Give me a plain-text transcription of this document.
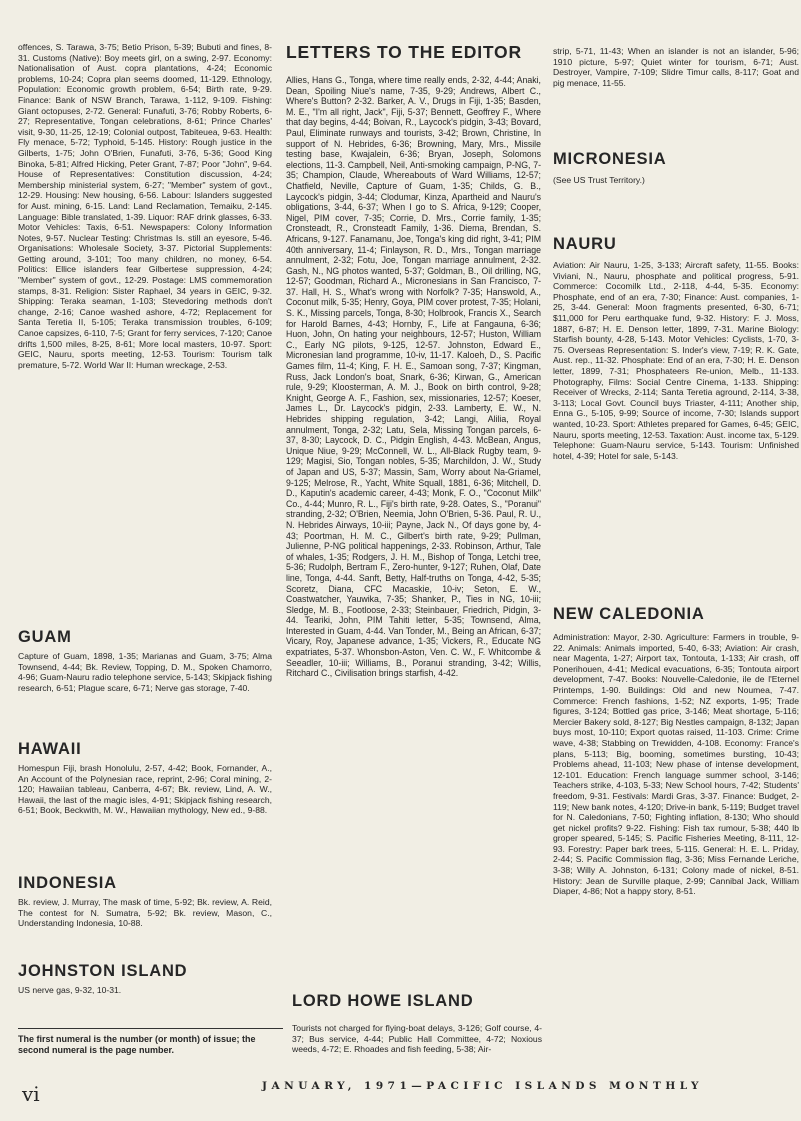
offences, S. Tarawa, 3-75; Betio Prison, 5-39; Bubuti and fines, 8-31. Customs (Native): Boy meets girl, on a swing, 2-97. Economy: Nationalisation of Aust. copra plantations, 4-24; Economic problems, 10-24; Copra plan seems doomed, 11-129. Ethnology, Population: Economic growth problem, 6-54; Birth rate, 9-29. Finance: Bank of NSW Branch, Tarawa, 1-112, 9-109. Fishing: Giant octopuses, 2-72. General: Funafuti, 3-76; Robby Roberts, 6-27; Representative, Tongan celebrations, 8-61; Prince Charles' visit, 9-30, 11-25, 12-19; Colonial outpost, Tabiteuea, 9-63. Health: Fly menace, 5-72; Typhoid, 5-145. History: Rough justice in the Gilberts, 1-75; John O'Brien, Funafuti, 3-76, 5-36; Good King Binoka, 5-81; Alfred Hicking, Peter Grant, 7-87; Poor "John", 9-64. House of Representatives: Constitution discussion, 4-24; Membership ministerial system, 6-27; "Member" system of govt., 12-29. Housing: New housing, 6-56. Labour: Islanders suggested for Aust. mining, 6-15. Land: Land Reclamation, Temaiku, 2-145. Language: Bible translated, 1-39. Liquor: RAF drink glasses, 6-33. Motor Vehicles: Taxis, 6-51. Newspapers: Colony Information Notes, 9-57. Nuclear Testing: Christmas Is. still an eyesore, 5-46. Organisations: Wholesale Society, 3-37. Pictorial Supplements: Getting around, 3-101; Too many children, no money, 6-54. Politics: Ellice islanders fear Gilbertese suppression, 4-24; "Member" system of govt., 12-29. Postage: LMS commemoration stamps, 8-31. Religion: Sister Raphael, 34 years in GEIC, 9-32. Shipping: Teraka seaman, 1-103; Stevedoring methods don't change, 2-16; Canoe washed ashore, 4-72; Replacement for Santa Teretia II, 5-105; Teraka transmission troubles, 6-109; Canoe capsizes, 6-110, 7-5; Grant for ferry services, 7-120; Canoe drifts 1,500 miles, 8-25, 8-61; More local masters, 10-97. Sport: GEIC, Nauru, sports meeting, 12-53. Tourism: Tourism talk premature, 5-72. World War II: Human wreckage, 2-53.

GUAM

Capture of Guam, 1898, 1-35; Marianas and Guam, 3-75; Alma Townsend, 4-44; Bk. Review, Topping, D. M., Spoken Chamorro, 4-96; Guam-Nauru radio telephone service, 5-143; Skipjack fishing research, 6-51; Plague scare, 6-71; Nerve gas storage, 7-40.

HAWAII

Homespun Fiji, brash Honolulu, 2-57, 4-42; Book, Fornander, A., An Account of the Polynesian race, reprint, 2-96; Coral mining, 2-120; Hawaiian tableau, Canberra, 4-67; Bk. review, Lind, A. W., Hawaii, the last of the magic isles, 4-91; Skipjack fishing research, 6-51; Book, Beckwith, M. W., Hawaiian mythology, New ed., 9-88.

INDONESIA

Bk. review, J. Murray, The mask of time, 5-92; Bk. review, A. Reid, The contest for N. Sumatra, 5-92; Bk. review, Mason, C., Understanding Indonesia, 10-88.

JOHNSTON ISLAND

US nerve gas, 9-32, 10-31.

The first numeral is the number (or month) of issue; the second numeral is the page number.
LETTERS TO THE EDITOR

Allies, Hans G., Tonga, where time really ends, 2-32, 4-44; Anaki, Dean, Spoiling Niue's name, 7-35, 9-29; Andrews, Albert C., Where's Button? 2-32. Barker, A. V., Drugs in Fiji, 1-35; Basden, M. E., "I'm all right, Jack", Fiji, 5-37; Bennett, Geoffrey F., Where that day begins, 4-44; Boivan, R., Laycock's pidgin, 3-43; Bovard, Paul, Eliminate runways and tourists, 3-42; Brown, Christine, In support of N. Hebrides, 6-36; Browning, Mary, Mrs., Missile testing base, Kwajalein, 6-36; Bryan, Joseph, Solomons elections, 11-3. Campbell, Neil, Anti-smoking campaign, P-NG, 7-35; Champion, Claude, Whereabouts of Ward Williams, 12-57; Chatfield, Neville, Capture of Guam, 1-35; Childs, G. B., Laycock's pidgin, 3-44; Clodumar, Kinza, Apartheid and Nauru's obligations, 3-44, 6-37; When I go to S. Africa, 9-129; Cooper, Nigel, PIM cover, 7-35; Corrie, D. Mrs., Corrie family, 1-35; Cronsteadt, R., Cronsteadt Family, 1-36. Diema, Brendan, S. Africans, 9-127. Fanamanu, Joe, Tonga's king did right, 3-41; PIM 40th anniversary, 11-4; Finlayson, R. D., Mrs., Tongan marriage annulment, 2-32; Fotu, Joe, Tongan marriage annulment, 2-32. Gash, N., NG photos wanted, 5-37; Goldman, B., Oil drilling, NG, 12-57; Goodman, Richard A., Micronesians in San Francisco, 7-37. Hall, H. S., What's wrong with Norfolk? 7-35; Hanswold, A., Coconut milk, 5-35; Henry, Goya, PIM cover protest, 7-35; Holani, S. K., Missing parcels, Tonga, 8-30; Holbrook, Francis X., Search for Harold Barnes, 4-43; Hornby, F., Life at Fangauna, 6-36; Huon, John, On hating your neighbours, 12-57; Huston, William C., Early NG pilots, 9-125, 12-57. Johnston, Edward E., Micronesian land programme, 10-iv, 11-17. Kaloeh, D., S. Pacific Games film, 11-4; King, F. H. E., Samoan song, 7-37; Kingman, Russ, Jack London's boat, Snark, 6-36; Kirwan, G., American rule, 9-29; Kloosterman, A. M. J., Book on birth control, 9-28; Knight, George A. F., Fashion, sex, missionaries, 12-57; Koeser, James L., Dr. Laycock's pidgin, 2-33. Lamberty, E. W., N. Hebrides shipping regulation, 3-42; Langi, Alilia, Royal annulment, Tonga, 2-32; Latu, Sela, Missing Tongan parcels, 6-37, 8-30; Laycock, D. C., Pidgin English, 4-43. McBean, Angus, Unique Niue, 9-29; McConnell, W. L., All-Black Rugby team, 9-129; Magisi, Sio, Tongan nobles, 5-35; Marchildon, J. W., Study of Japan and US, 5-37; Massin, Sam, Worry about Na-Griamel, 9-125; Melrose, R., Yacht, White Squall, 1881, 6-36; Mitchell, D. D., Kaputin's academic career, 4-43; Monk, F. O., "Coconut Milk" Co., 4-44; Munro, R. L., Fiji's birth rate, 9-28. Oates, S., "Poranui" stranding, 2-32; O'Brien, Neemia, John O'Brien, 5-36. Paul, R. U., N. Hebrides Airways, 10-iii; Payne, Jack N., Of days gone by, 4-43; Poortman, H. M. C., Gilbert's birth rate, 9-29; Pullman, Julienne, P-NG political happenings, 2-33. Robinson, Arthur, Tale of whales, 1-35; Rodgers, J. H. M., Bishop of Tonga, Letchi tree, 5-36; Rudolph, Bertram F., Zero-hunter, 9-127; Ruhen, Olaf, Date line, Tonga, 4-44. Sanft, Betty, Half-truths on Tonga, 4-42, 5-35; Scoretz, Diana, CFC Macaskie, 10-iv; Seton, E. W., Coastwatcher, Yauwika, 7-35; Shanker, P., Ties in NG, 10-iii; Sledge, M. B., Footloose, 2-33; Steinbauer, Friedrich, Pidgin, 3-44. Teariki, John, PIM Tahiti letter, 5-35; Townsend, Alma, Interested in Guam, 4-44. Van Tonder, M., Being an African, 6-37; Vicary, Roy, Japanese advance, 1-35; Vickers, R., Educate NG expatriates, 5-37. Whonsbon-Aston, Ven. C. W., F. Whitcombe & Seeadler, 10-iii; Williams, B., Poranui stranding, 3-42; Willis, Ritchard C., Civilisation brings starfish, 4-42.

LORD HOWE ISLAND

Tourists not charged for flying-boat delays, 3-126; Golf course, 4-37; Bus service, 4-44; Public Hall Committee, 4-72; Noxious weeds, 4-72; E. Rhoades and fish feeding, 5-38; Air-

strip, 5-71, 11-43; When an islander is not an islander, 5-96; 1910 picture, 5-97; Quiet winter for tourism, 6-71; Aust. Destroyer, Vampire, 7-109; Slidre Timur calls, 8-117; Goat and pig menace, 11-55.

MICRONESIA

(See US Trust Territory.)

NAURU

Aviation: Air Nauru, 1-25, 3-133; Aircraft safety, 11-55. Books: Viviani, N., Nauru, phosphate and political progress, 5-91. Commerce: Cocomilk Ltd., 2-118, 4-44, 5-35. Economy: Phosphate, end of an era, 7-30; Finance: Aust. companies, 1-25, 3-44. General: Moon fragments presented, 6-30, 6-71; $11,000 for Peru earthquake fund, 9-32. History: F. J. Moss, 1887, 6-87; H. E. Denson letter, 1899, 7-31. Marine Biology: Starfish bounty, 4-28, 5-143. Motor Vehicles: Cyclists, 1-70, 3-75. Overseas Representation: S. Inder's view, 7-19; R. K. Gate, Aust. rep., 11-32. Phosphate: End of an era, 7-30; H. E. Denson letter, 1899, 7-31; Phosphateers Re-union, Melb., 11-133. Photography, Films: Social Centre Cinema, 1-133. Shipping: Receiver of Wrecks, 2-114; Santa Teretia aground, 2-114, 3-38, 3-113; Local Govt. Council buys Triaster, 4-111; Another ship, Enna G., 5-105, 9-99; Source of income, 7-30; Islands support wanted, 10-23. Sport: Athletes prepared for Games, 6-45; GEIC, Nauru, sports meeting, 12-53. Taxation: Aust. income tax, 5-129. Telephone: Guam-Nauru service, 5-143. Tourism: Unfinished hotel, 4-39; Hotel for sale, 5-143.

NEW CALEDONIA

Administration: Mayor, 2-30. Agriculture: Farmers in trouble, 9-22. Animals: Animals imported, 5-40, 6-33; Aviation: Air crash, near Magenta, 1-27; Airport tax, Tontouta, 1-133; Air crash, off Ponerihouen, 4-41; Medical evacuations, 6-35; Tontouta airport development, 7-47. Books: Nouvelle-Caledonie, ile de l'Eternel Printemps, 1-90. Buildings: Old and new Noumea, 7-47. Commerce: French fashions, 1-52; NZ exports, 1-95; Trade figures, 3-124; Bottled gas price, 3-146; Meat shortage, 5-116; Mercier Bakery sold, 8-127; Big Nestles campaign, 8-132; Japan buys most, 10-110; Export quotas raised, 11-103. Crime: Crime wave, 4-38; Stabbing on Trewidden, 4-108. Economy: France's plans, 5-113; Big, booming, sometimes bursting, 10-43; Problems ahead, 11-103; New phase of intense development, 12-101. Education: French language summer school, 3-146; Teachers strike, 4-103, 5-33; New School hours, 7-42; Students' freedom, 9-31. Festivals: Mardi Gras, 3-37. Finance: Budget, 2-119; New bank notes, 4-120; Drive-in bank, 5-119; Budget travel for N. Caledonians, 7-50; Fighting inflation, 8-130; Who should get nickel profits? 9-22. Fishing: Fish tax rumour, 5-38; 440 lb groper speared, 5-145; S. Pacific Fisheries Meeting, 8-111, 12-93. Forestry: Paper bark trees, 5-115. General: H. E. L. Priday, 2-44; S. Pacific Commission flag, 3-36; Miss Fernande Leriche, 3-38; Willy A. Johnston, 6-131; Colony made of nickel, 8-51. History: Jean de Surville plaque, 2-99; Cannibal Jack, William Diaper, 4-86; Not a happy story, 8-51.

vi	JANUARY, 1971—PACIFIC ISLANDS MONTHLY
